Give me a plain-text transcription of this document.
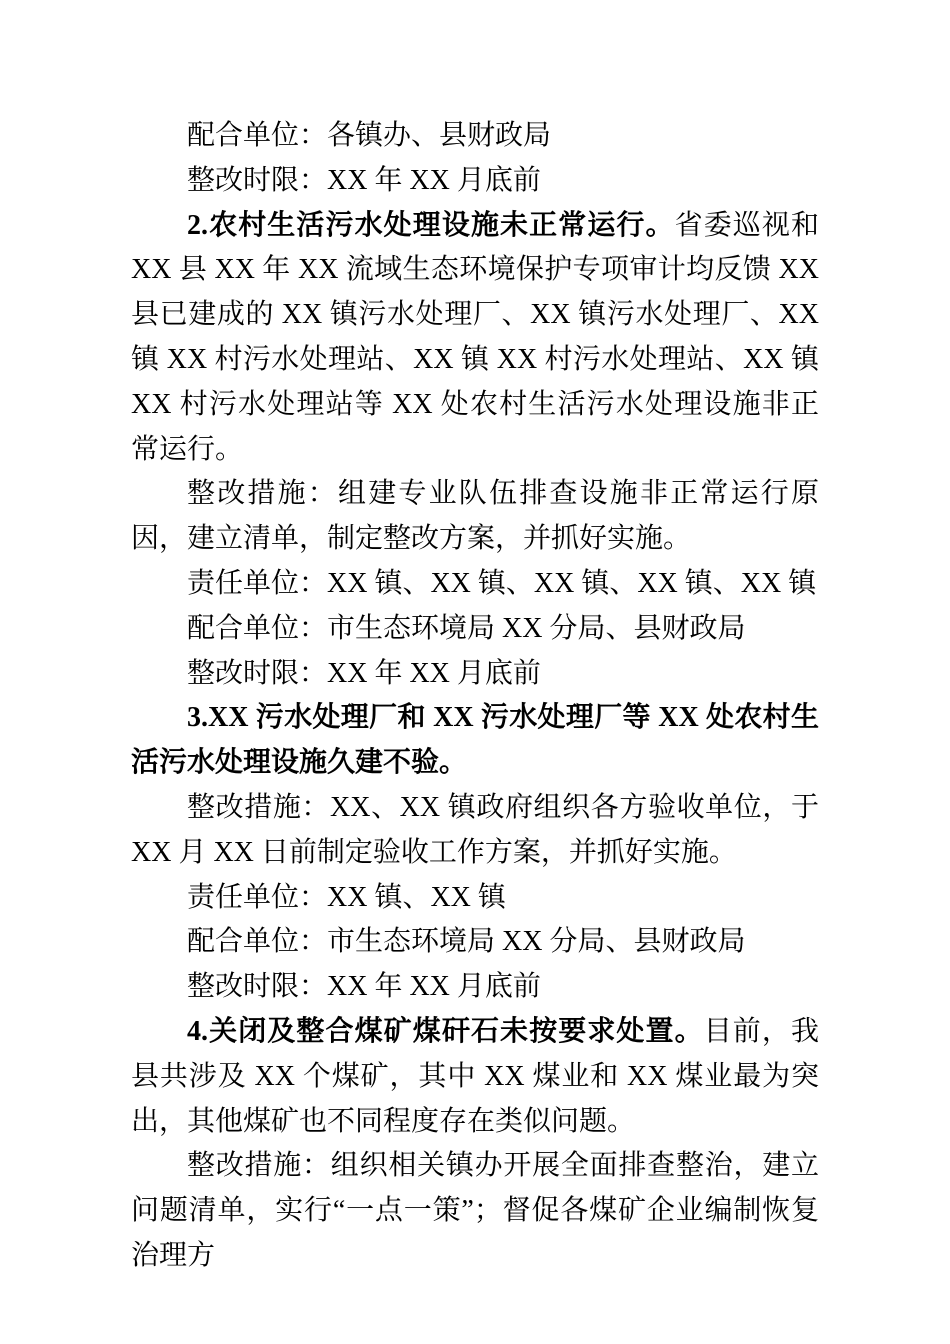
配合单位：各镇办、县财政局

整改时限：XX 年 XX 月底前

2.农村生活污水处理设施未正常运行。省委巡视和 XX 县 XX 年 XX 流域生态环境保护专项审计均反馈 XX 县已建成的 XX 镇污水处理厂、XX 镇污水处理厂、XX 镇 XX 村污水处理站、XX 镇 XX 村污水处理站、XX 镇 XX 村污水处理站等 XX 处农村生活污水处理设施非正常运行。

整改措施：组建专业队伍排查设施非正常运行原因，建立清单，制定整改方案，并抓好实施。

责任单位：XX 镇、XX 镇、XX 镇、XX 镇、XX 镇

配合单位：市生态环境局 XX 分局、县财政局

整改时限：XX 年 XX 月底前

3.XX 污水处理厂和 XX 污水处理厂等 XX 处农村生活污水处理设施久建不验。

整改措施：XX、XX 镇政府组织各方验收单位，于 XX 月 XX 日前制定验收工作方案，并抓好实施。

责任单位：XX 镇、XX 镇

配合单位：市生态环境局 XX 分局、县财政局

整改时限：XX 年 XX 月底前

4.关闭及整合煤矿煤矸石未按要求处置。目前，我县共涉及 XX 个煤矿，其中 XX 煤业和 XX 煤业最为突出，其他煤矿也不同程度存在类似问题。

整改措施：组织相关镇办开展全面排查整治，建立问题清单，实行“一点一策”；督促各煤矿企业编制恢复治理方
